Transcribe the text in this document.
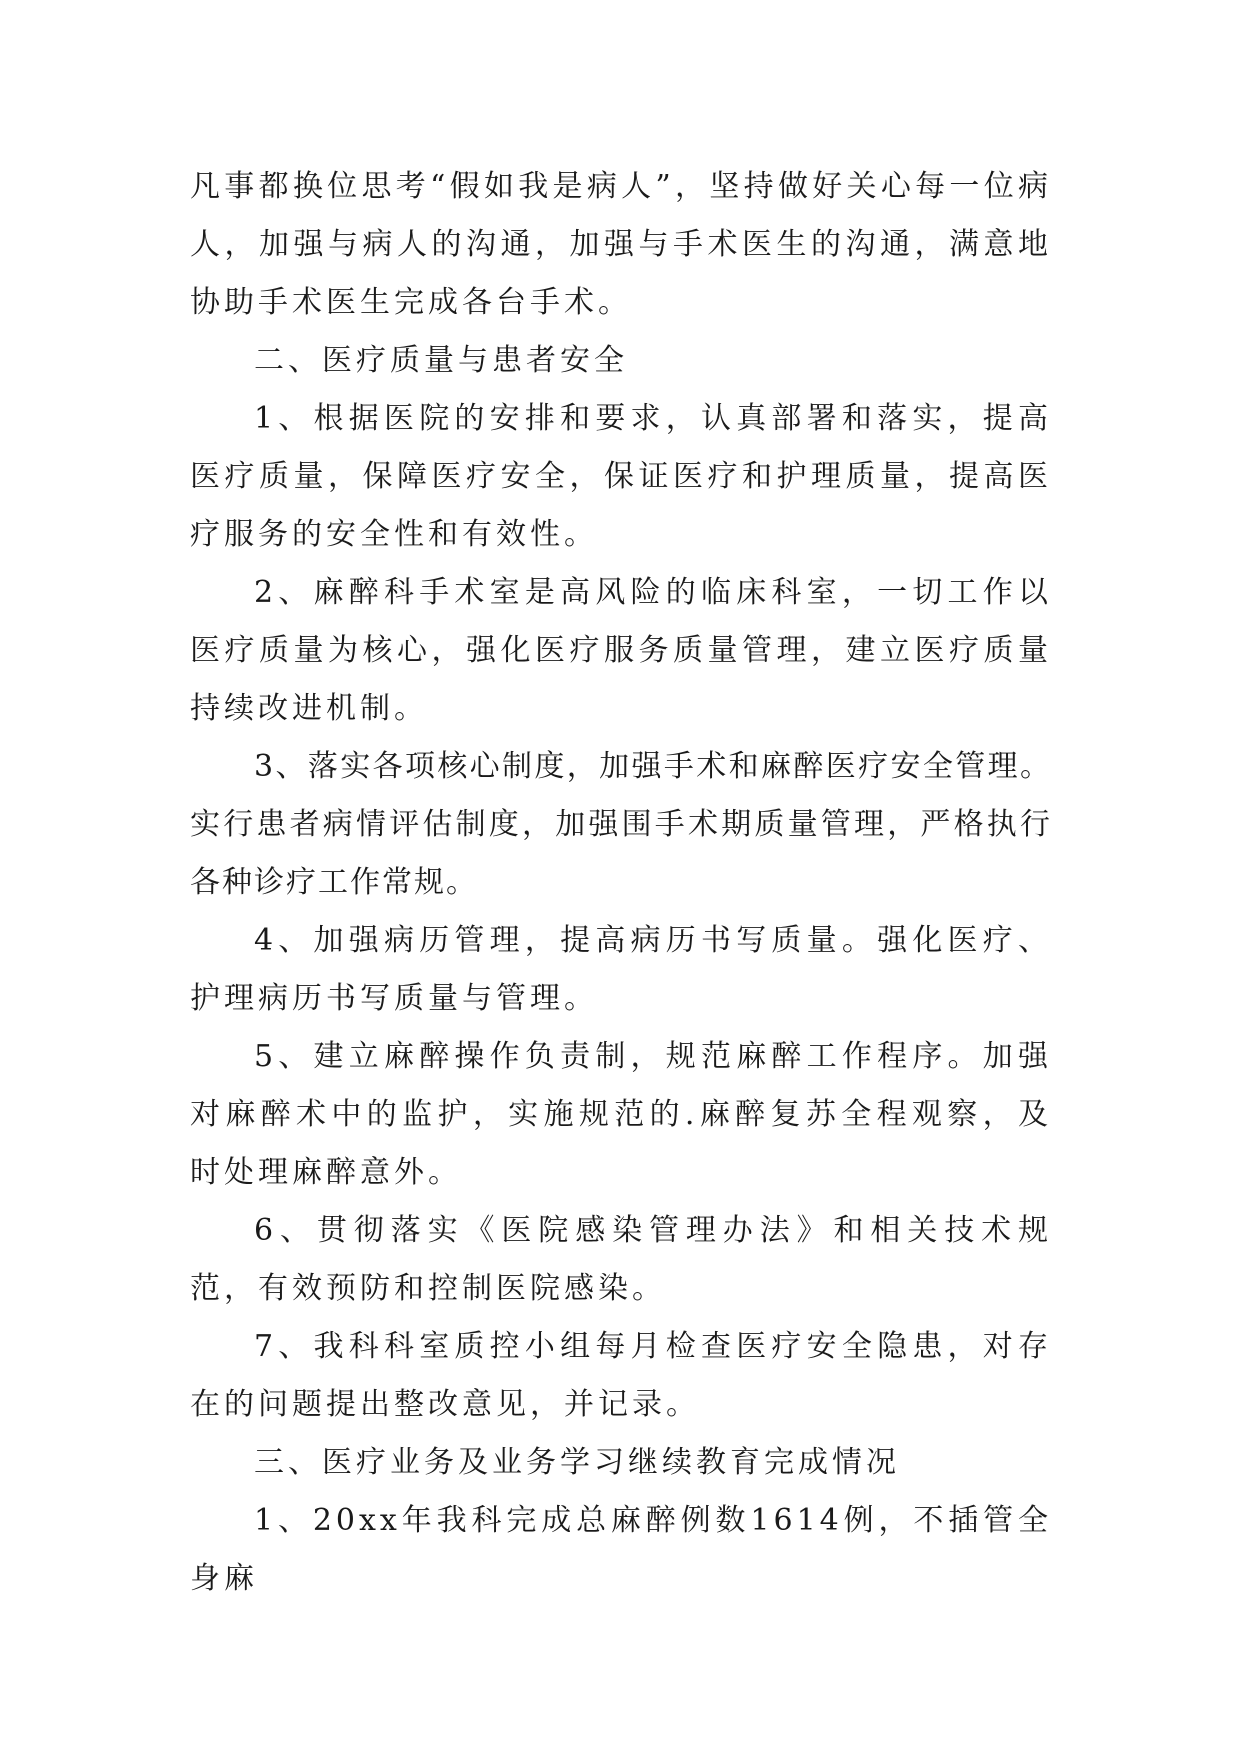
凡事都换位思考“假如我是病人”，坚持做好关心每一位病人，加强与病人的沟通，加强与手术医生的沟通，满意地协助手术医生完成各台手术。

二、医疗质量与患者安全

1、根据医院的安排和要求，认真部署和落实，提高医疗质量，保障医疗安全，保证医疗和护理质量，提高医疗服务的安全性和有效性。

2、麻醉科手术室是高风险的临床科室，一切工作以医疗质量为核心，强化医疗服务质量管理，建立医疗质量持续改进机制。

3、落实各项核心制度，加强手术和麻醉医疗安全管理。实行患者病情评估制度，加强围手术期质量管理，严格执行各种诊疗工作常规。

4、加强病历管理，提高病历书写质量。强化医疗、护理病历书写质量与管理。

5、建立麻醉操作负责制，规范麻醉工作程序。加强对麻醉术中的监护，实施规范的.麻醉复苏全程观察，及时处理麻醉意外。

6、贯彻落实《医院感染管理办法》和相关技术规范，有效预防和控制医院感染。

7、我科科室质控小组每月检查医疗安全隐患，对存在的问题提出整改意见，并记录。

三、医疗业务及业务学习继续教育完成情况

1、20xx年我科完成总麻醉例数1614例，不插管全身麻
